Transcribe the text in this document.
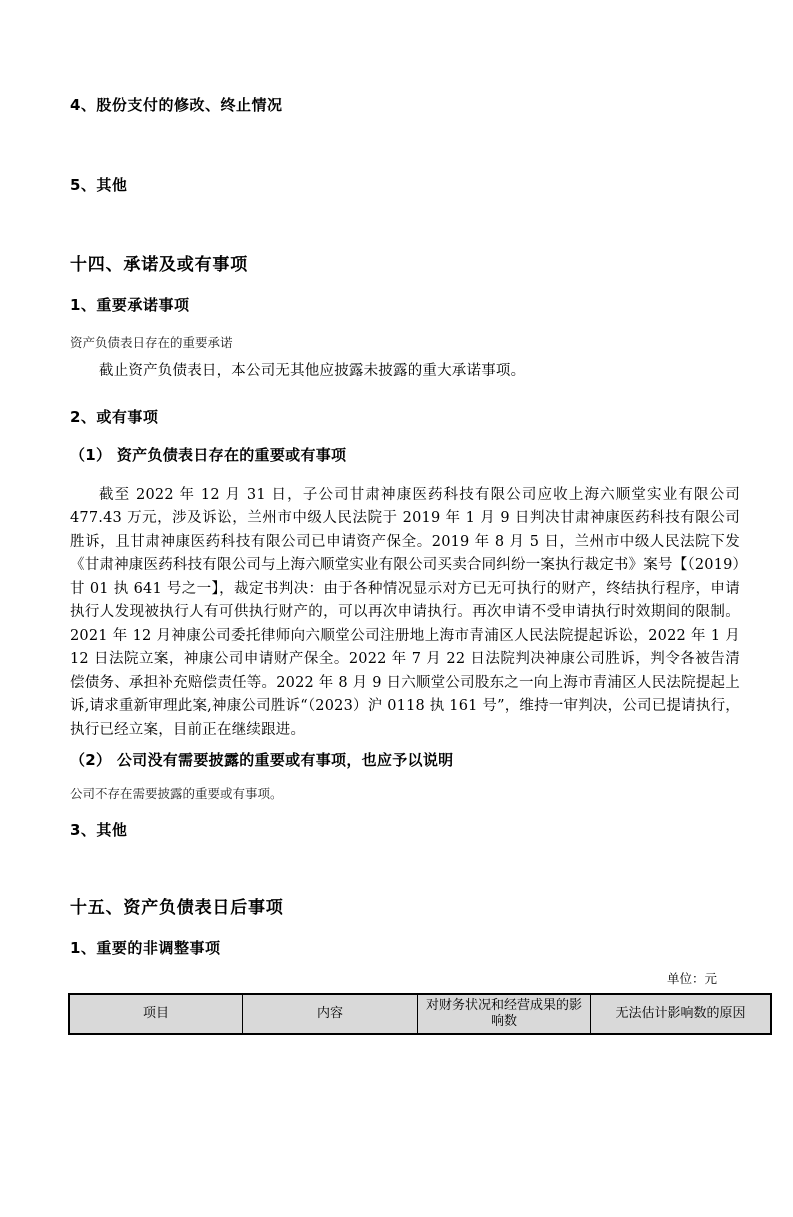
4、股份支付的修改、终止情况
5、其他
十四、承诺及或有事项
1、重要承诺事项
资产负债表日存在的重要承诺
截止资产负债表日，本公司无其他应披露未披露的重大承诺事项。
2、或有事项
（1） 资产负债表日存在的重要或有事项
截至 2022 年 12 月 31 日，子公司甘肃神康医药科技有限公司应收上海六顺堂实业有限公司 477.43 万元，涉及诉讼，兰州市中级人民法院于 2019 年 1 月 9 日判决甘肃神康医药科技有限公司胜诉，且甘肃神康医药科技有限公司已申请资产保全。2019 年 8 月 5 日，兰州市中级人民法院下发《甘肃神康医药科技有限公司与上海六顺堂实业有限公司买卖合同纠纷一案执行裁定书》案号【（2019）甘 01 执 641 号之一】，裁定书判决：由于各种情况显示对方已无可执行的财产，终结执行程序，申请执行人发现被执行人有可供执行财产的，可以再次申请执行。再次申请不受申请执行时效期间的限制。2021 年 12 月神康公司委托律师向六顺堂公司注册地上海市青浦区人民法院提起诉讼，2022 年 1 月 12 日法院立案，神康公司申请财产保全。2022 年 7 月 22 日法院判决神康公司胜诉，判令各被告清偿债务、承担补充赔偿责任等。2022 年 8 月 9 日六顺堂公司股东之一向上海市青浦区人民法院提起上诉,请求重新审理此案,神康公司胜诉“（2023）沪 0118 执 161 号”，维持一审判决，公司已提请执行，执行已经立案，目前正在继续跟进。
（2） 公司没有需要披露的重要或有事项，也应予以说明
公司不存在需要披露的重要或有事项。
3、其他
十五、资产负债表日后事项
1、重要的非调整事项
单位：元
项目	内容	对财务状况和经营成果的影响数	无法估计影响数的原因
